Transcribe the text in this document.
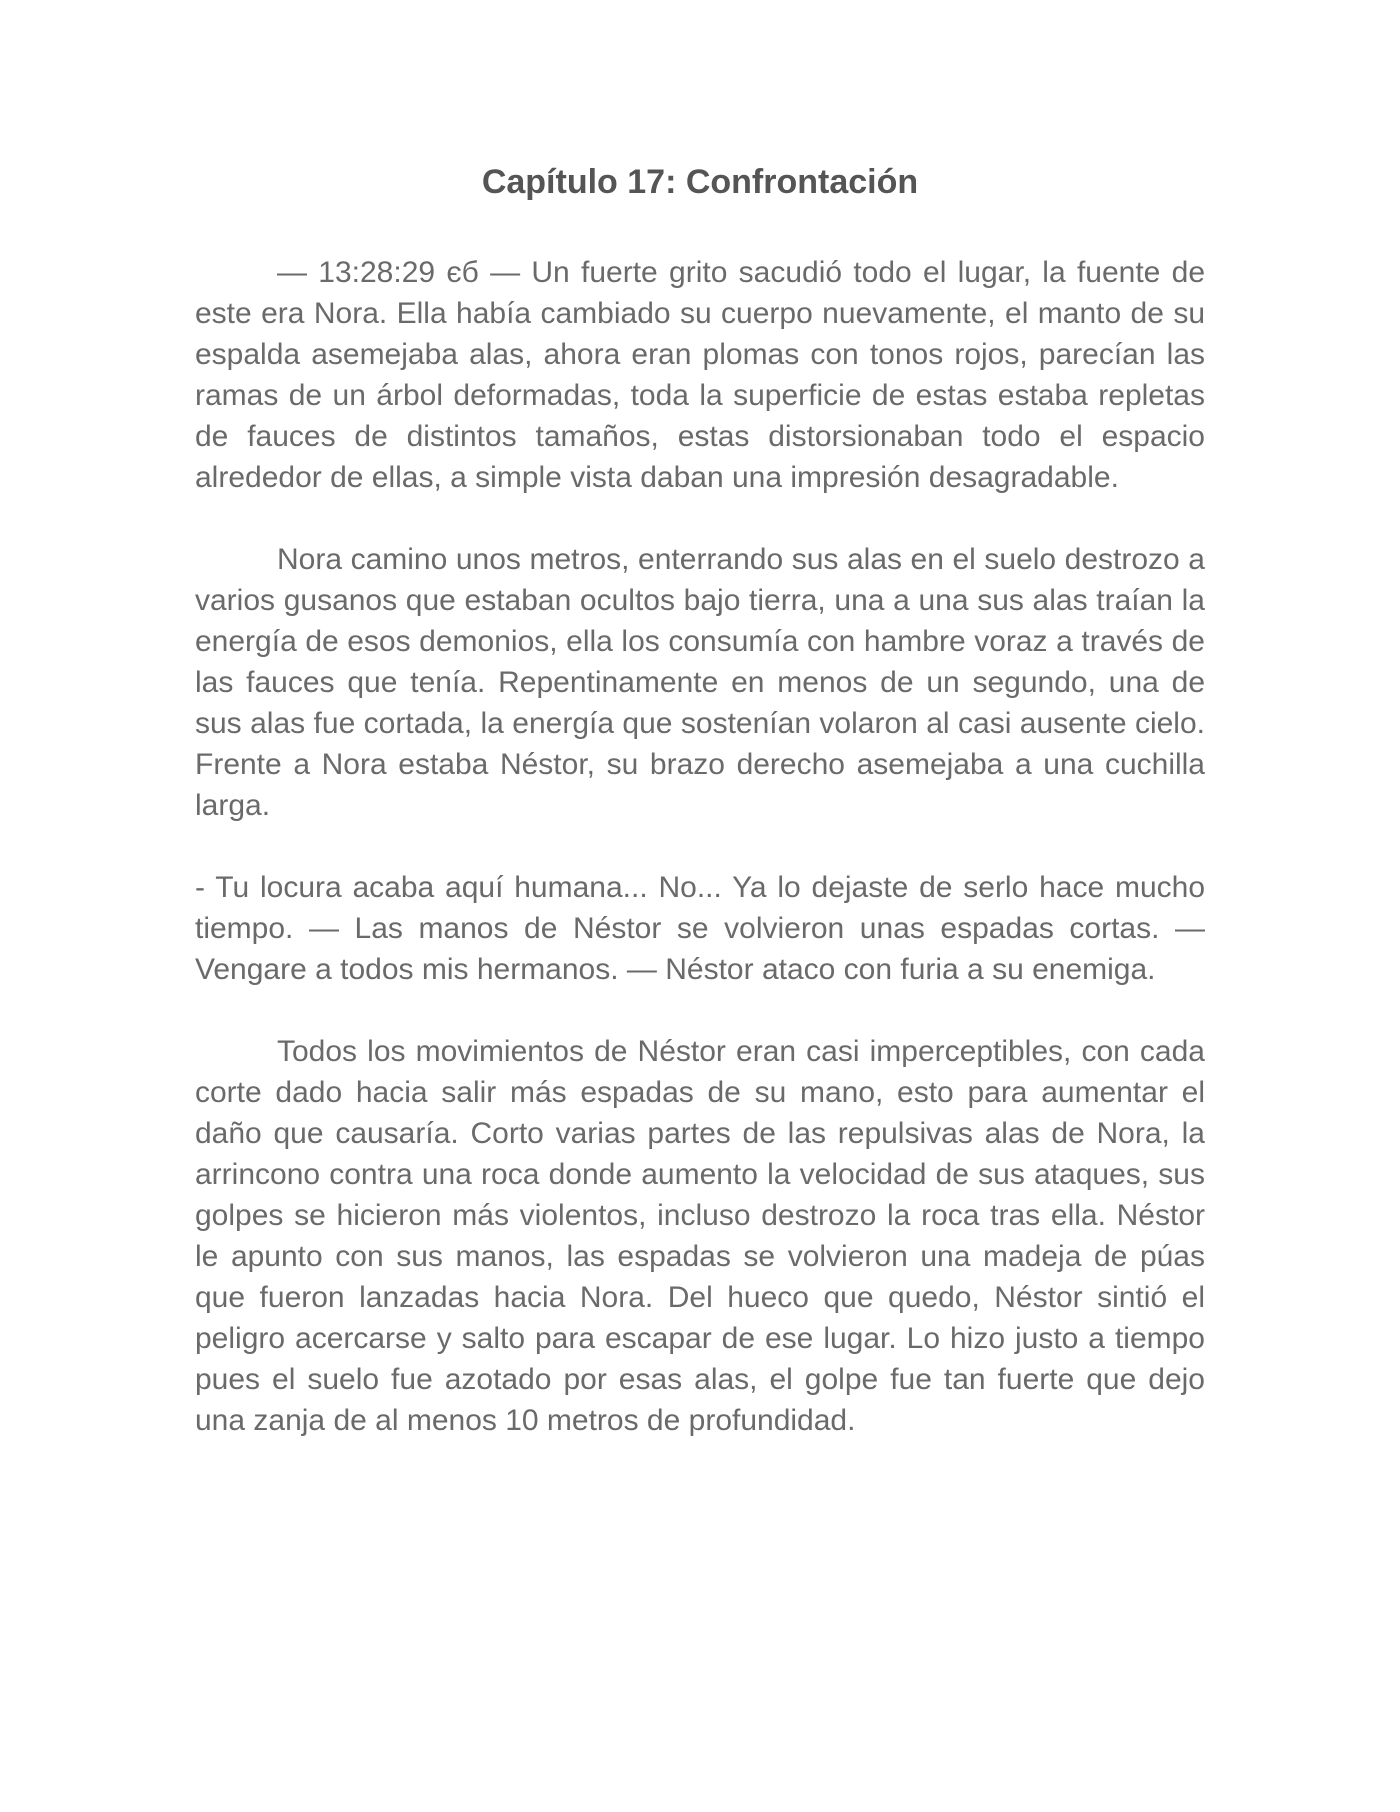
Capítulo 17: Confrontación

— 13:28:29 єб — Un fuerte grito sacudió todo el lugar, la fuente de este era Nora. Ella había cambiado su cuerpo nuevamente, el manto de su espalda asemejaba alas, ahora eran plomas con tonos rojos, parecían las ramas de un árbol deformadas, toda la superficie de estas estaba repletas de fauces de distintos tamaños, estas distorsionaban todo el espacio alrededor de ellas, a simple vista daban una impresión desagradable.

Nora camino unos metros, enterrando sus alas en el suelo destrozo a varios gusanos que estaban ocultos bajo tierra, una a una sus alas traían la energía de esos demonios, ella los consumía con hambre voraz a través de las fauces que tenía. Repentinamente en menos de un segundo, una de sus alas fue cortada, la energía que sostenían volaron al casi ausente cielo. Frente a Nora estaba Néstor, su brazo derecho asemejaba a una cuchilla larga.

- Tu locura acaba aquí humana... No... Ya lo dejaste de serlo hace mucho tiempo. — Las manos de Néstor se volvieron unas espadas cortas. — Vengare a todos mis hermanos. — Néstor ataco con furia a su enemiga.

Todos los movimientos de Néstor eran casi imperceptibles, con cada corte dado hacia salir más espadas de su mano, esto para aumentar el daño que causaría. Corto varias partes de las repulsivas alas de Nora, la arrincono contra una roca donde aumento la velocidad de sus ataques, sus golpes se hicieron más violentos, incluso destrozo la roca tras ella. Néstor le apunto con sus manos, las espadas se volvieron una madeja de púas que fueron lanzadas hacia Nora. Del hueco que quedo, Néstor sintió el peligro acercarse y salto para escapar de ese lugar. Lo hizo justo a tiempo pues el suelo fue azotado por esas alas, el golpe fue tan fuerte que dejo una zanja de al menos 10 metros de profundidad.
